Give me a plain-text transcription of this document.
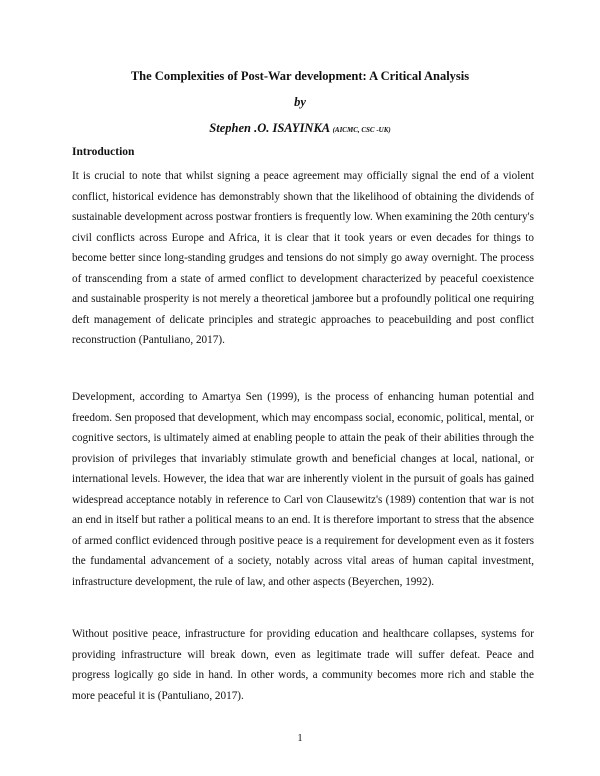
The Complexities of Post-War development: A Critical Analysis
by
Stephen .O. ISAYINKA (AICMC, CSC -UK)
Introduction

It is crucial to note that whilst signing a peace agreement may officially signal the end of a violent conflict, historical evidence has demonstrably shown that the likelihood of obtaining the dividends of sustainable development across postwar frontiers is frequently low. When examining the 20th century's civil conflicts across Europe and Africa, it is clear that it took years or even decades for things to become better since long-standing grudges and tensions do not simply go away overnight. The process of transcending from a state of armed conflict to development characterized by peaceful coexistence and sustainable prosperity is not merely a theoretical jamboree but a profoundly political one requiring deft management of delicate principles and strategic approaches to peacebuilding and post conflict reconstruction (Pantuliano, 2017).

Development, according to Amartya Sen (1999), is the process of enhancing human potential and freedom. Sen proposed that development, which may encompass social, economic, political, mental, or cognitive sectors, is ultimately aimed at enabling people to attain the peak of their abilities through the provision of privileges that invariably stimulate growth and beneficial changes at local, national, or international levels. However, the idea that war are inherently violent in the pursuit of goals has gained widespread acceptance notably in reference to Carl von Clausewitz's (1989) contention that war is not an end in itself but rather a political means to an end. It is therefore important to stress that the absence of armed conflict evidenced through positive peace is a requirement for development even as it fosters the fundamental advancement of a society, notably across vital areas of human capital investment, infrastructure development, the rule of law, and other aspects (Beyerchen, 1992).

Without positive peace, infrastructure for providing education and healthcare collapses, systems for providing infrastructure will break down, even as legitimate trade will suffer defeat. Peace and progress logically go side in hand. In other words, a community becomes more rich and stable the more peaceful it is (Pantuliano, 2017).

1
